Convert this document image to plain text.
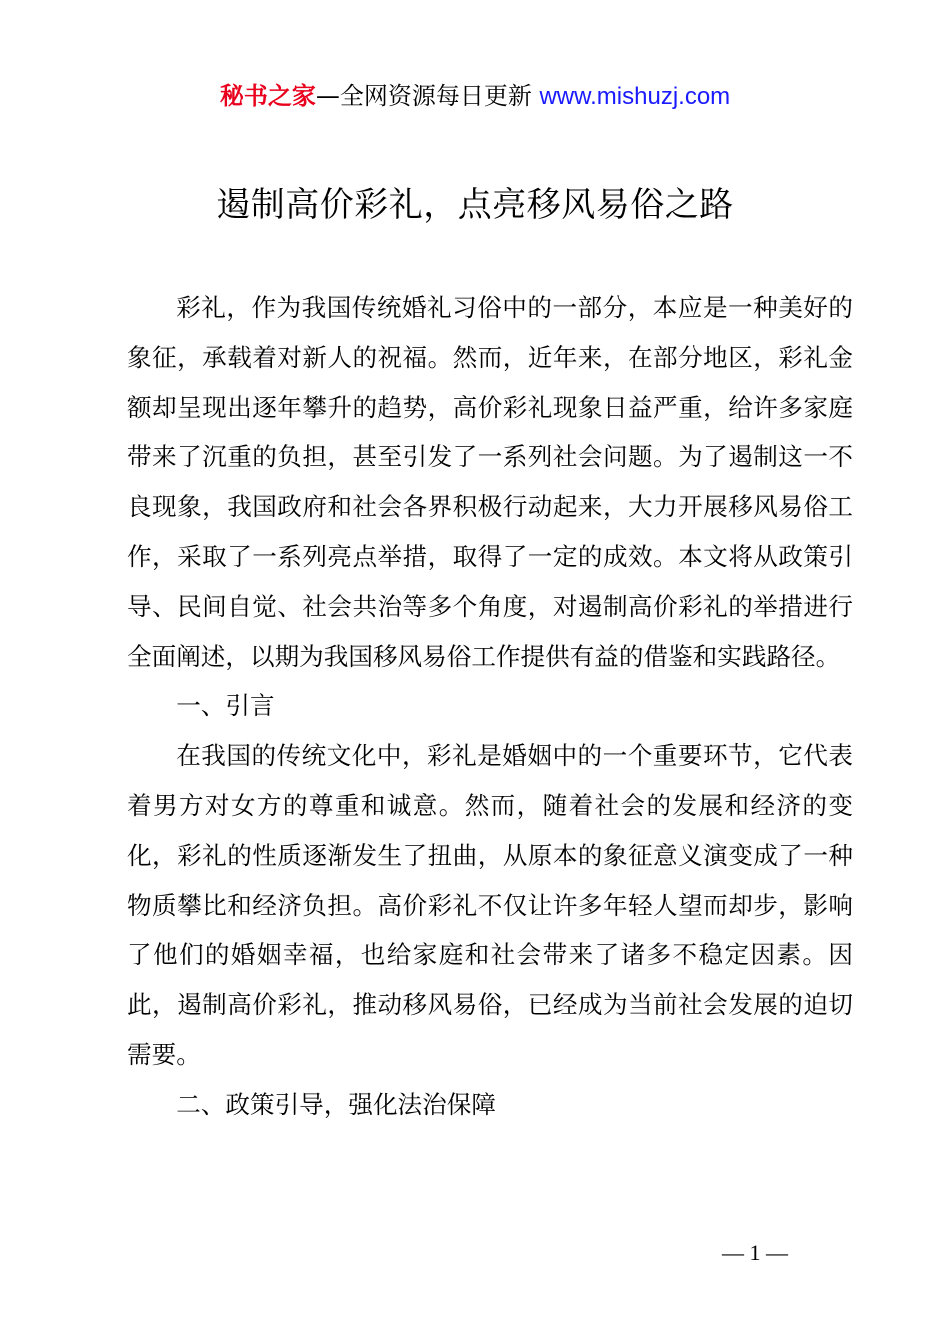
秘书之家—全网资源每日更新 www.mishuzj.com
遏制高价彩礼，点亮移风易俗之路

彩礼，作为我国传统婚礼习俗中的一部分，本应是一种美好的象征，承载着对新人的祝福。然而，近年来，在部分地区，彩礼金额却呈现出逐年攀升的趋势，高价彩礼现象日益严重，给许多家庭带来了沉重的负担，甚至引发了一系列社会问题。为了遏制这一不良现象，我国政府和社会各界积极行动起来，大力开展移风易俗工作，采取了一系列亮点举措，取得了一定的成效。本文将从政策引导、民间自觉、社会共治等多个角度，对遏制高价彩礼的举措进行全面阐述，以期为我国移风易俗工作提供有益的借鉴和实践路径。

一、引言

在我国的传统文化中，彩礼是婚姻中的一个重要环节，它代表着男方对女方的尊重和诚意。然而，随着社会的发展和经济的变化，彩礼的性质逐渐发生了扭曲，从原本的象征意义演变成了一种物质攀比和经济负担。高价彩礼不仅让许多年轻人望而却步，影响了他们的婚姻幸福，也给家庭和社会带来了诸多不稳定因素。因此，遏制高价彩礼，推动移风易俗，已经成为当前社会发展的迫切需要。

二、政策引导，强化法治保障

— 1 —
